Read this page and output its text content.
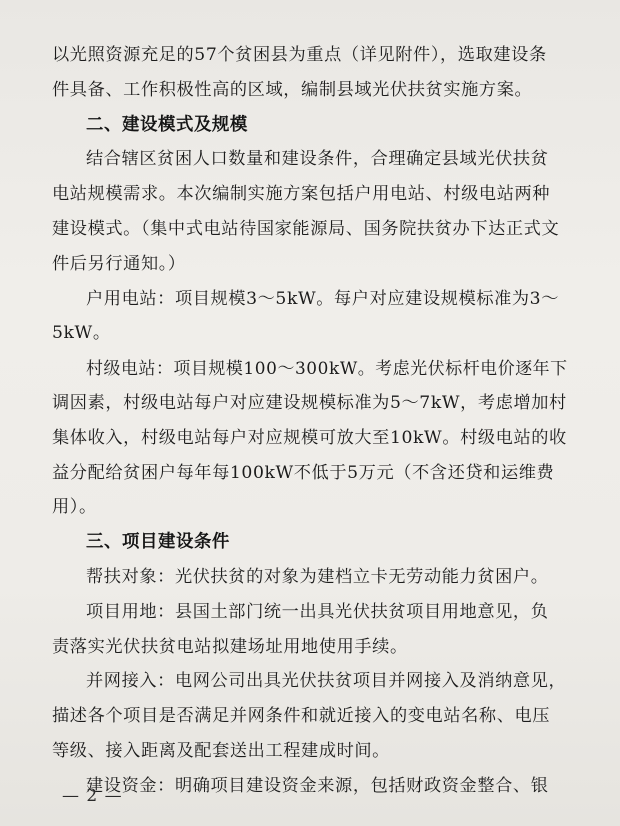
以光照资源充足的57个贫困县为重点（详见附件），选取建设条
件具备、工作积极性高的区域，编制县域光伏扶贫实施方案。
二、建设模式及规模
结合辖区贫困人口数量和建设条件，合理确定县域光伏扶贫
电站规模需求。本次编制实施方案包括户用电站、村级电站两种
建设模式。（集中式电站待国家能源局、国务院扶贫办下达正式文
件后另行通知。）
户用电站：项目规模3～5kW。每户对应建设规模标准为3～
5kW。
村级电站：项目规模100～300kW。考虑光伏标杆电价逐年下
调因素，村级电站每户对应建设规模标准为5～7kW，考虑增加村
集体收入，村级电站每户对应规模可放大至10kW。村级电站的收
益分配给贫困户每年每100kW不低于5万元（不含还贷和运维费
用）。
三、项目建设条件
帮扶对象：光伏扶贫的对象为建档立卡无劳动能力贫困户。
项目用地：县国土部门统一出具光伏扶贫项目用地意见，负
责落实光伏扶贫电站拟建场址用地使用手续。
并网接入：电网公司出具光伏扶贫项目并网接入及消纳意见，
描述各个项目是否满足并网条件和就近接入的变电站名称、电压
等级、接入距离及配套送出工程建成时间。
建设资金：明确项目建设资金来源，包括财政资金整合、银
— 2 —
